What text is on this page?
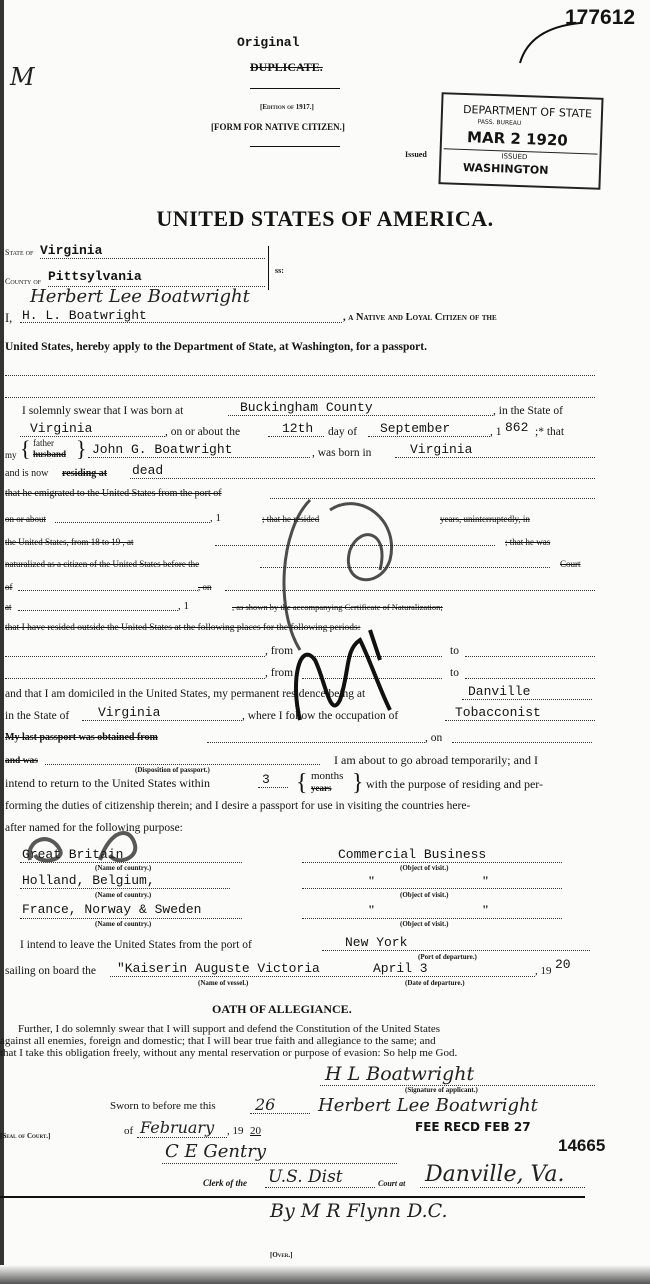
M
Original
DUPLICATE.
[Edition of 1917.]
[FORM FOR NATIVE CITIZEN.]
177612
Issued
DEPARTMENT OF STATE
PASS. BUREAU
MAR 2 1920
ISSUED
WASHINGTON
UNITED STATES OF AMERICA.
State of Virginia
County of Pittsylvania	ss:
Herbert Lee Boatwright
I, H. L. Boatwright	, a Native and Loyal Citizen of the
United States, hereby apply to the Department of State, at Washington, for a passport.
I solemnly swear that I was born at	Buckingham County	, in the State of
Virginia	, on or about the	12th day of September	, 1 862 ;* that
my
father
husband
{ } John G. Boatwright	, was born in	Virginia
and is now residing at dead
that he emigrated to the United States from the port of
on or about	, 1	; that he resided	years, uninterruptedly, in
the United States, from 18 to 19 , at	; that he was
naturalized as a citizen of the United States before the	Court
of	, on
at	, 1	, as shown by the accompanying Certificate of Naturalization;
that I have resided outside the United States at the following places for the following periods:
, from	to
, from	to
and that I am domiciled in the United States, my permanent residence being at	Danville
in the State of Virginia	, where I follow the occupation of	Tobacconist
My last passport was obtained from	, on
and was
(Disposition of passport.)
I am about to go abroad temporarily; and I
intend to return to the United States within	3 { months
years } with the purpose of residing and per-
forming the duties of citizenship therein; and I desire a passport for use in visiting the countries here-
after named for the following purpose:
Great Britain
(Name of country.)
Commercial Business
(Object of visit.)
Holland, Belgium,
(Name of country.)
"	"
(Object of visit.)
France, Norway & Sweden
(Name of country.)
"	"
(Object of visit.)
I intend to leave the United States from the port of	New York
(Port of departure.)
sailing on board the "Kaiserin Auguste Victoria	April 3	, 19 20
(Name of vessel.)	(Date of departure.)
OATH OF ALLEGIANCE.
Further, I do solemnly swear that I will support and defend the Constitution of the United States
against all enemies, foreign and domestic; that I will bear true faith and allegiance to the same; and
that I take this obligation freely, without any mental reservation or purpose of evasion: So help me God.
H L Boatwright
(Signature of applicant.)
Sworn to before me this 26 Herbert Lee Boatwright
of February , 19 20
[Seal of Court.]
FEE RECD FEB 27
14665
C E Gentry
Clerk of the U.S. Dist	Court at Danville, Va.
By M R Flynn D.C.
[Over.]
